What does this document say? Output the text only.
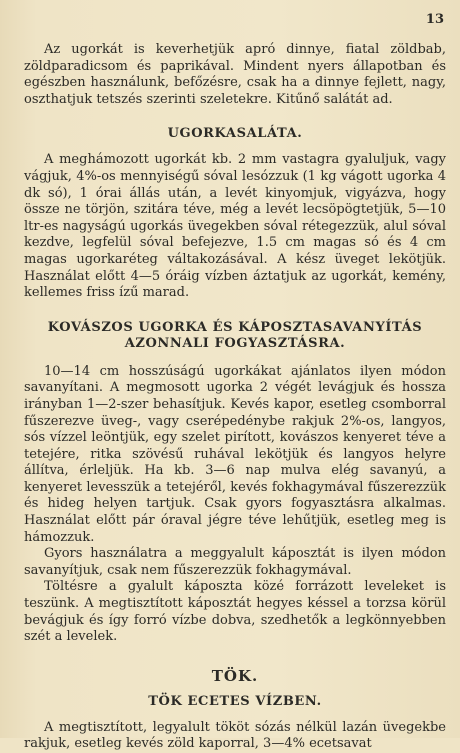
13

Az ugorkát is keverhetjük apró dinnye, fiatal zöldbab, zöldparadicsom és paprikával. Mindent nyers állapotban és egészben használunk, befőzésre, csak ha a dinnye fejlett, nagy, oszthatjuk tetszés szerinti szeletekre. Kitűnő salátát ad.

UGORKASALÁTA.

A meghámozott ugorkát kb. 2 mm vastagra gyaluljuk, vagy vágjuk, 4%-os mennyiségű sóval lesózzuk (1 kg vágott ugorka 4 dk só), 1 órai állás után, a levét kinyomjuk, vigyázva, hogy össze ne törjön, szitára téve, még a levét lecsöpögtetjük, 5—10 ltr-es nagyságú ugorkás üvegekben sóval rétegezzük, alul sóval kezdve, legfelül sóval befejezve, 1.5 cm magas só és 4 cm magas ugorkaréteg váltakozásával. A kész üveget lekötjük. Használat előtt 4—5 óráig vízben áztatjuk az ugorkát, kemény, kellemes friss ízű marad.

KOVÁSZOS UGORKA ÉS KÁPOSZTASAVANYÍTÁS
AZONNALI FOGYASZTÁSRA.

10—14 cm hosszúságú ugorkákat ajánlatos ilyen módon savanyítani. A megmosott ugorka 2 végét levágjuk és hossza irányban 1—2-szer behasítjuk. Kevés kapor, esetleg csomborral fűszerezve üveg-, vagy cserépedénybe rakjuk 2%-os, langyos, sós vízzel leöntjük, egy szelet pirított, kovászos kenyeret téve a tetejére, ritka szövésű ruhával lekötjük és langyos helyre állítva, érleljük. Ha kb. 3—6 nap mulva elég savanyú, a kenyeret levesszük a tetejéről, kevés fokhagymával fűszerezzük és hideg helyen tartjuk. Csak gyors fogyasztásra alkalmas. Használat előtt pár óraval jégre téve lehűtjük, esetleg meg is hámozzuk.

Gyors használatra a meggyalult káposztát is ilyen módon savanyítjuk, csak nem fűszerezzük fokhagymával.

Töltésre a gyalult káposzta közé forrázott leveleket is teszünk. A megtisztított káposztát hegyes késsel a torzsa körül bevágjuk és így forró vízbe dobva, szedhetők a legkönnyebben szét a levelek.

TÖK.
TÖK ECETES VÍZBEN.

A megtisztított, legyalult tököt sózás nélkül lazán üvegekbe rakjuk, esetleg kevés zöld kaporral, 3—4% ecetsavat
